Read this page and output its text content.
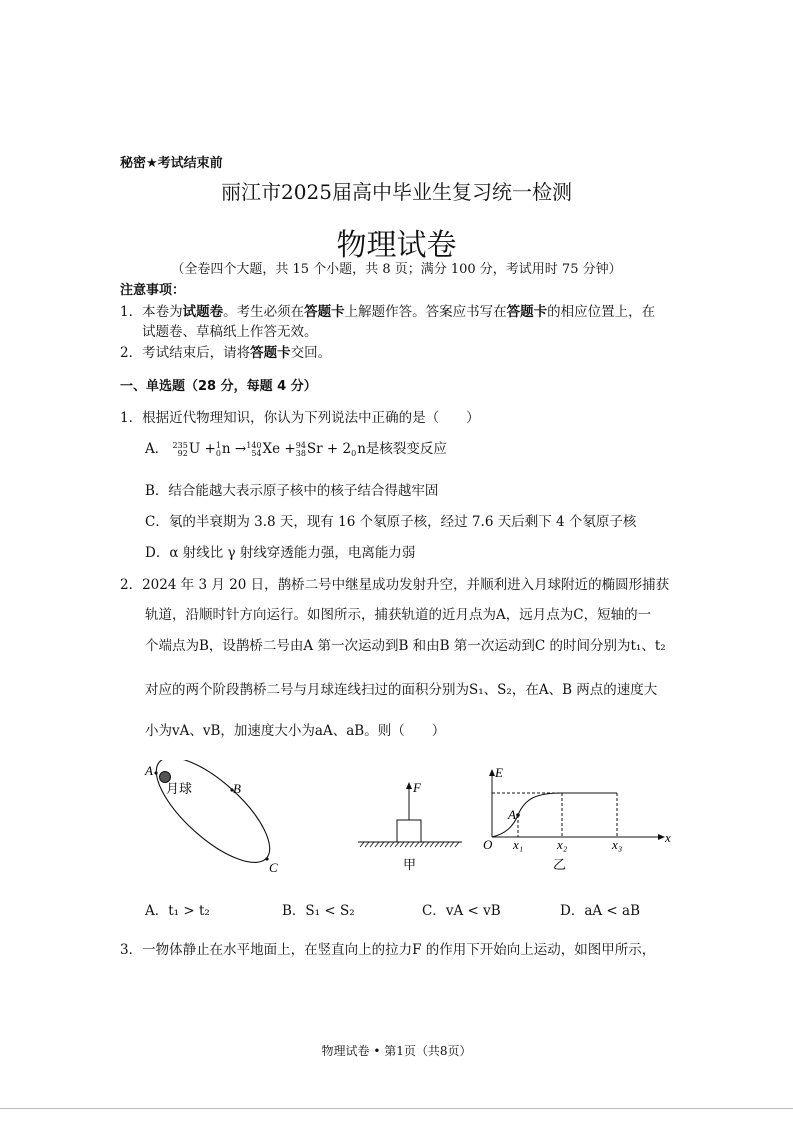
秘密★考试结束前
丽江市2025届高中毕业生复习统一检测
物理试卷
（全卷四个大题，共 15 个小题，共 8 页；满分 100 分，考试用时 75 分钟）
注意事项：
1．本卷为试题卷。考生必须在答题卡上解题作答。答案应书写在答题卡的相应位置上，在
试题卷、草稿纸上作答无效。
2．考试结束后，请将答题卡交回。
一、单选题（28 分，每题 4 分）
1．根据近代物理知识，你认为下列说法中正确的是（　　）
A． 235
92 U + 1
0 n → 140
54 Xe + 94
38 Sr + 2
0 n是核裂变反应
B．结合能越大表示原子核中的核子结合得越牢固
C．氡的半衰期为 3.8 天，现有 16 个氡原子核，经过 7.6 天后剩下 4 个氡原子核
D．α 射线比 γ 射线穿透能力强，电离能力弱
2．2024 年 3 月 20 日，鹊桥二号中继星成功发射升空，并顺利进入月球附近的椭圆形捕获
轨道，沿顺时针方向运行。如图所示，捕获轨道的近月点为A，远月点为C，短轴的一
个端点为B，设鹊桥二号由A 第一次运动到B 和由B 第一次运动到C 的时间分别为t₁、t₂
对应的两个阶段鹊桥二号与月球连线扫过的面积分别为S₁、S₂，在A、B 两点的速度大
小为vA、vB，加速度大小为aA、aB。则（　　）
A
B
C
月球	F
甲
A
E
O x₁	x₂	x₃	x
乙
A．t₁ > t₂	B．S₁ < S₂	C．vA < vB	D．aA < aB
3．一物体静止在水平地面上，在竖直向上的拉力F 的作用下开始向上运动，如图甲所示，
物理试卷 • 第1页（共8页）
